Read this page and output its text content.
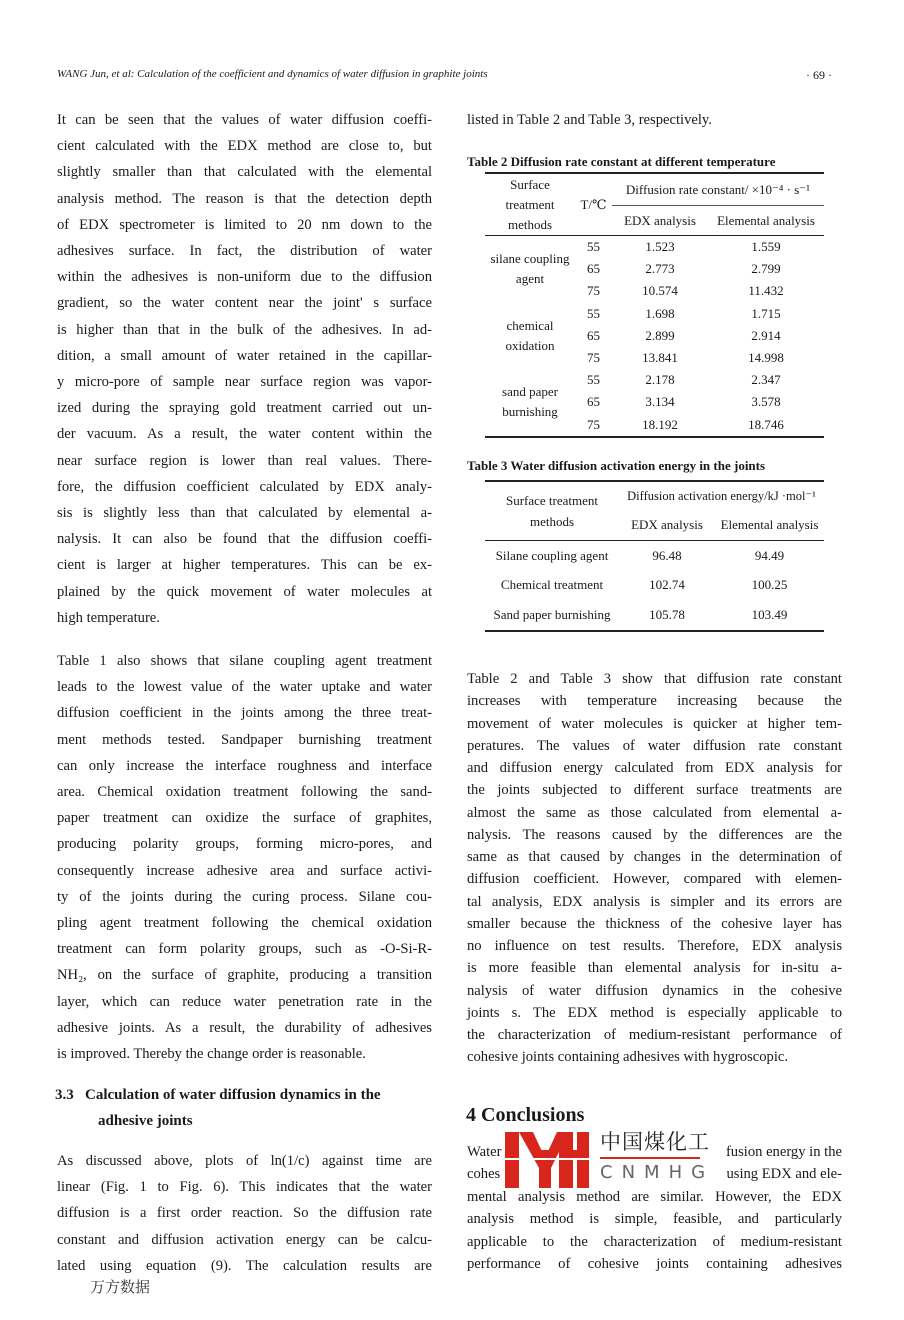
WANG Jun, et al: Calculation of the coefficient and dynamics of water diffusion in graphite joints	· 69 ·
It can be seen that the values of water diffusion coeffi-
cient calculated with the EDX method are close to, but
slightly smaller than that calculated with the elemental
analysis method. The reason is that the detection depth
of EDX spectrometer is limited to 20 nm down to the
adhesives surface. In fact, the distribution of water
within the adhesives is non-uniform due to the diffusion
gradient, so the water content near the joint' s surface
is higher than that in the bulk of the adhesives. In ad-
dition, a small amount of water retained in the capillar-
y micro-pore of sample near surface region was vapor-
ized during the spraying gold treatment carried out un-
der vacuum. As a result, the water content within the
near surface region is lower than real values. There-
fore, the diffusion coefficient calculated by EDX analy-
sis is slightly less than that calculated by elemental a-
nalysis. It can also be found that the diffusion coeffi-
cient is larger at higher temperatures. This can be ex-
plained by the quick movement of water molecules at
high temperature.
Table 1 also shows that silane coupling agent treatment
leads to the lowest value of the water uptake and water
diffusion coefficient in the joints among the three treat-
ment methods tested. Sandpaper burnishing treatment
can only increase the interface roughness and interface
area. Chemical oxidation treatment following the sand-
paper treatment can oxidize the surface of graphites,
producing polarity groups, forming micro-pores, and
consequently increase adhesive area and surface activi-
ty of the joints during the curing process. Silane cou-
pling agent treatment following the chemical oxidation
treatment can form polarity groups, such as -O-Si-R-
NH₂, on the surface of graphite, producing a transition
layer, which can reduce water penetration rate in the
adhesive joints. As a result, the durability of adhesives
is improved. Thereby the change order is reasonable.
3.3 Calculation of water diffusion dynamics in the
adhesive joints
As discussed above, plots of ln(1/c) against time are
linear (Fig. 1 to Fig. 6). This indicates that the water
diffusion is a first order reaction. So the diffusion rate
constant and diffusion activation energy can be calcu-
lated using equation (9). The calculation results are
万方数据
listed in Table 2 and Table 3, respectively.
Table 2 Diffusion rate constant at different temperature
Surface
treatment
methods	T/℃	Diffusion rate constant/ ×10⁻⁴ · s⁻¹	
		EDX analysis	Elemental analysis

silane coupling
agent	55	1.523	1.559
	65	2.773	2.799
	75	10.574	11.432

chemical
oxidation	55	1.698	1.715
	65	2.899	2.914
	75	13.841	14.998

sand paper
burnishing	55	2.178	2.347
	65	3.134	3.578
	75	18.192	18.746
Table 3 Water diffusion activation energy in the joints
Surface treatment
methods	Diffusion activation energy/kJ ·mol⁻¹	
	EDX analysis	Elemental analysis
Silane coupling agent	96.48	94.49
Chemical treatment	102.74	100.25
Sand paper burnishing	105.78	103.49
Table 2 and Table 3 show that diffusion rate constant
increases with temperature increasing because the
movement of water molecules is quicker at higher tem-
peratures. The values of water diffusion rate constant
and diffusion energy calculated from EDX analysis for
the joints subjected to different surface treatments are
almost the same as those calculated from elemental a-
nalysis. The reasons caused by the differences are the
same as that caused by changes in the determination of
diffusion coefficient. However, compared with elemen-
tal analysis, EDX analysis is simpler and its errors are
smaller because the thickness of the cohesive layer has
no influence on test results. Therefore, EDX analysis
is more feasible than elemental analysis for in-situ a-
nalysis of water diffusion dynamics in the cohesive
joints s. The EDX method is especially applicable to
the characterization of medium-resistant performance of
cohesive joints containing adhesives with hygroscopic.
4 Conclusions
Water	fusion energy in the
cohes	using EDX and ele-
mental analysis method are similar. However, the EDX
analysis method is simple, feasible, and particularly
applicable to the characterization of medium-resistant
performance of cohesive joints containing adhesives
中国煤化工
CNMHG
